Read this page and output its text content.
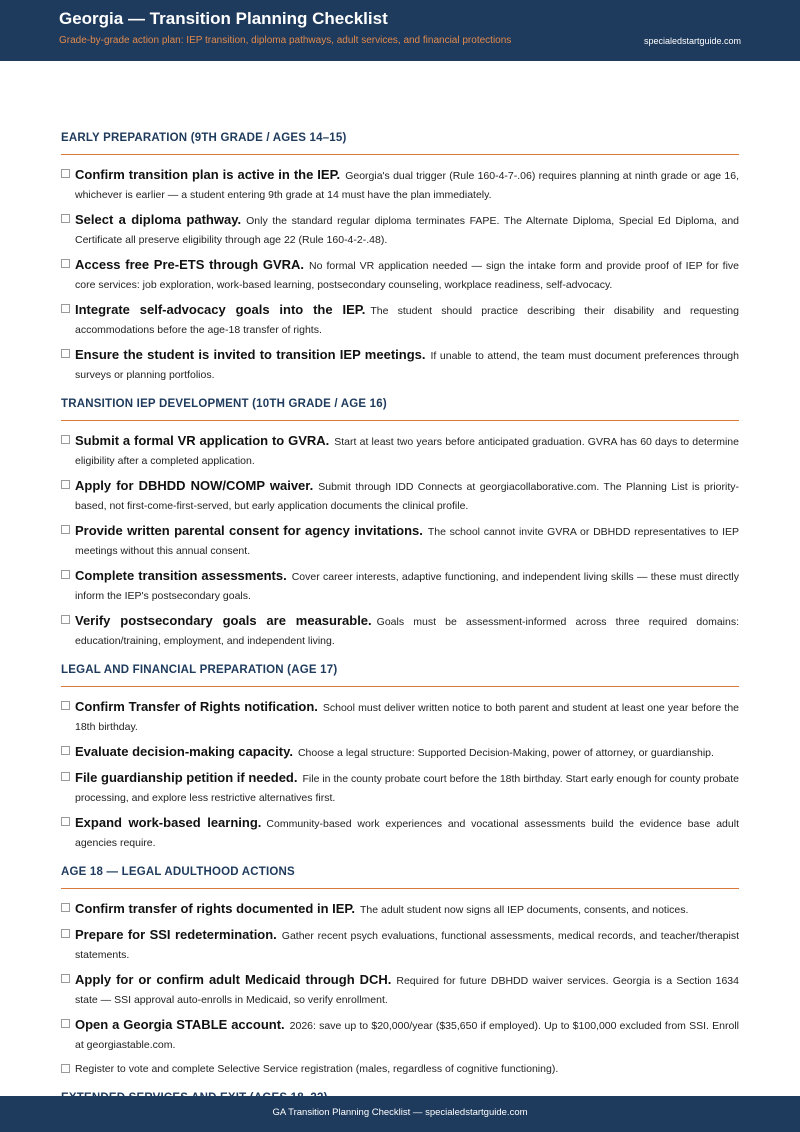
Georgia — Transition Planning Checklist
Grade-by-grade action plan: IEP transition, diploma pathways, adult services, and financial protections	specialedstartguide.com
EARLY PREPARATION (9TH GRADE / AGES 14–15)
Confirm transition plan is active in the IEP. Georgia's dual trigger (Rule 160-4-7-.06) requires planning at ninth grade or age 16, whichever is earlier — a student entering 9th grade at 14 must have the plan immediately.
Select a diploma pathway. Only the standard regular diploma terminates FAPE. The Alternate Diploma, Special Ed Diploma, and Certificate all preserve eligibility through age 22 (Rule 160-4-2-.48).
Access free Pre-ETS through GVRA. No formal VR application needed — sign the intake form and provide proof of IEP for five core services: job exploration, work-based learning, postsecondary counseling, workplace readiness, self-advocacy.
Integrate self-advocacy goals into the IEP. The student should practice describing their disability and requesting accommodations before the age-18 transfer of rights.
Ensure the student is invited to transition IEP meetings. If unable to attend, the team must document preferences through surveys or planning portfolios.
TRANSITION IEP DEVELOPMENT (10TH GRADE / AGE 16)
Submit a formal VR application to GVRA. Start at least two years before anticipated graduation. GVRA has 60 days to determine eligibility after a completed application.
Apply for DBHDD NOW/COMP waiver. Submit through IDD Connects at georgiacollaborative.com. The Planning List is priority-based, not first-come-first-served, but early application documents the clinical profile.
Provide written parental consent for agency invitations. The school cannot invite GVRA or DBHDD representatives to IEP meetings without this annual consent.
Complete transition assessments. Cover career interests, adaptive functioning, and independent living skills — these must directly inform the IEP's postsecondary goals.
Verify postsecondary goals are measurable. Goals must be assessment-informed across three required domains: education/training, employment, and independent living.
LEGAL AND FINANCIAL PREPARATION (AGE 17)
Confirm Transfer of Rights notification. School must deliver written notice to both parent and student at least one year before the 18th birthday.
Evaluate decision-making capacity. Choose a legal structure: Supported Decision-Making, power of attorney, or guardianship.
File guardianship petition if needed. File in the county probate court before the 18th birthday. Start early enough for county probate processing, and explore less restrictive alternatives first.
Expand work-based learning. Community-based work experiences and vocational assessments build the evidence base adult agencies require.
AGE 18 — LEGAL ADULTHOOD ACTIONS
Confirm transfer of rights documented in IEP. The adult student now signs all IEP documents, consents, and notices.
Prepare for SSI redetermination. Gather recent psych evaluations, functional assessments, medical records, and teacher/therapist statements.
Apply for or confirm adult Medicaid through DCH. Required for future DBHDD waiver services. Georgia is a Section 1634 state — SSI approval auto-enrolls in Medicaid, so verify enrollment.
Open a Georgia STABLE account. 2026: save up to $20,000/year ($35,650 if employed). Up to $100,000 excluded from SSI. Enroll at georgiastable.com.
Register to vote and complete Selective Service registration (males, regardless of cognitive functioning).
GA Transition Planning Checklist — specialedstartguide.com
